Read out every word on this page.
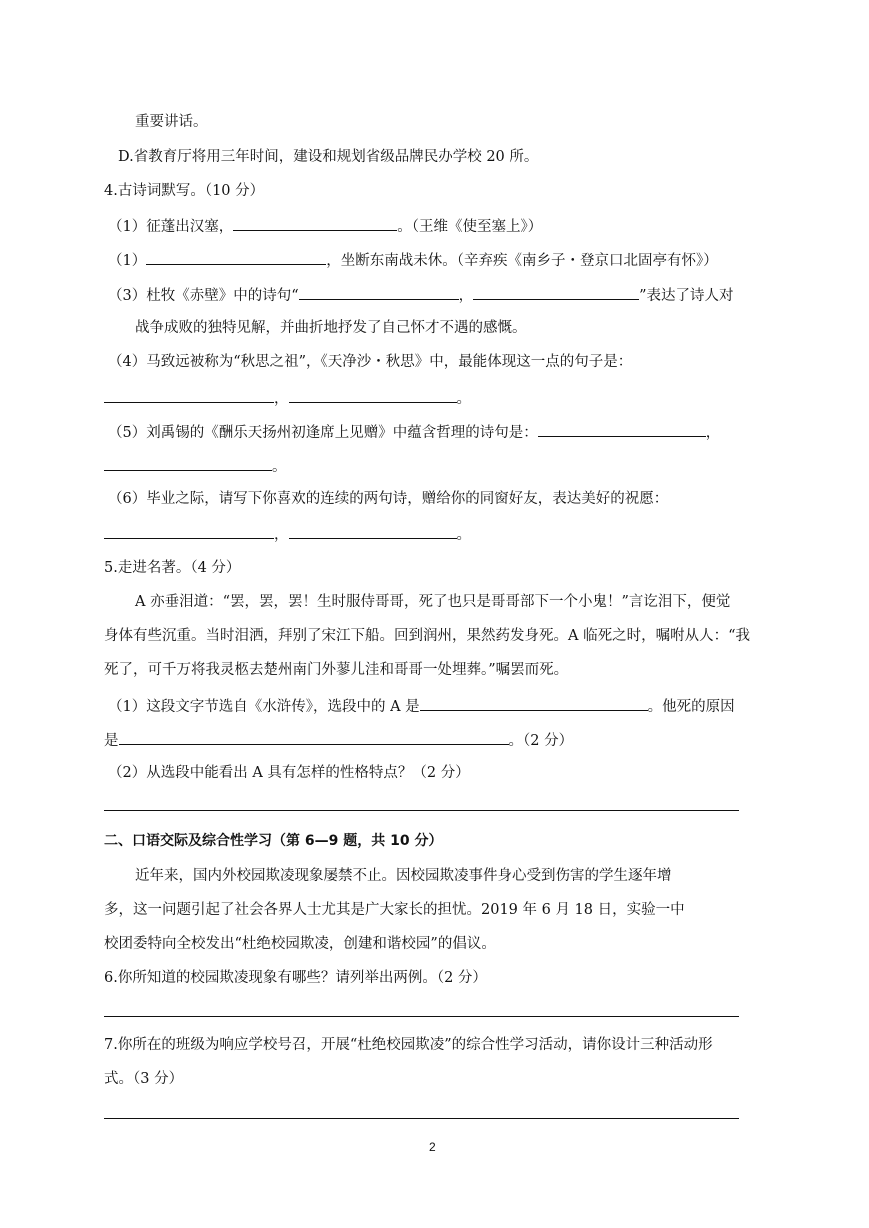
重要讲话。
D.省教育厅将用三年时间，建设和规划省级品牌民办学校 20 所。
4.古诗词默写。（10 分）
（1）征蓬出汉塞，	。（王维《使至塞上》）
（1）	，坐断东南战未休。（辛弃疾《南乡子・登京口北固亭有怀》）
（3）杜牧《赤壁》中的诗句“	，	”表达了诗人对
战争成败的独特见解，并曲折地抒发了自己怀才不遇的感慨。
（4）马致远被称为“秋思之祖”，《天净沙・秋思》中，最能体现这一点的句子是：
，	。
（5）刘禹锡的《酬乐天扬州初逢席上见赠》中蕴含哲理的诗句是：	，
。
（6）毕业之际，请写下你喜欢的连续的两句诗，赠给你的同窗好友，表达美好的祝愿：
，	。
5.走进名著。（4 分）
A 亦垂泪道：“罢，罢，罢！生时服侍哥哥，死了也只是哥哥部下一个小鬼！”言讫泪下，便觉
身体有些沉重。当时泪洒，拜别了宋江下船。回到润州，果然药发身死。A 临死之时，嘱咐从人：“我
死了，可千万将我灵柩去楚州南门外蓼儿洼和哥哥一处埋葬。”嘱罢而死。
（1）这段文字节选自《水浒传》，选段中的 A 是	。他死的原因
是	。（2 分）
（2）从选段中能看出 A 具有怎样的性格特点？（2 分）
二、口语交际及综合性学习（第 6—9 题，共 10 分）
近年来，国内外校园欺凌现象屡禁不止。因校园欺凌事件身心受到伤害的学生逐年增
多，这一问题引起了社会各界人士尤其是广大家长的担忧。2019 年 6 月 18 日，实验一中
校团委特向全校发出“杜绝校园欺凌，创建和谐校园”的倡议。
6.你所知道的校园欺凌现象有哪些？请列举出两例。（2 分）
7.你所在的班级为响应学校号召，开展“杜绝校园欺凌”的综合性学习活动，请你设计三种活动形
式。（3 分）
2
